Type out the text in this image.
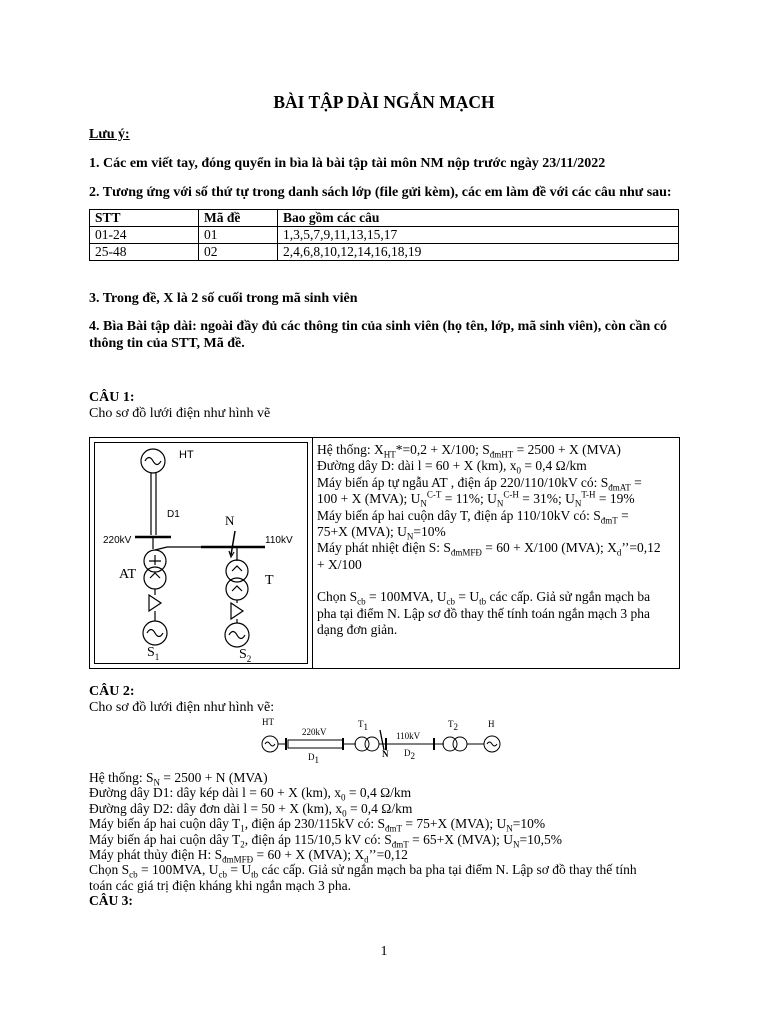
BÀI TẬP DÀI NGẮN MẠCH
Lưu ý:
1. Các em viết tay, đóng quyển in bìa là bài tập tài môn NM nộp trước ngày 23/11/2022
2. Tương ứng với số thứ tự trong danh sách lớp (file gửi kèm), các em làm đề với các câu như sau:
STT	Mã đề	Bao gồm các câu
01-24	01	1,3,5,7,9,11,13,15,17
25-48	02	2,4,6,8,10,12,14,16,18,19
3. Trong đề, X là 2 số cuối trong mã sinh viên
4. Bìa Bài tập dài: ngoài đầy đủ các thông tin của sinh viên (họ tên, lớp, mã sinh viên), còn cần có
thông tin của STT, Mã đề.
CÂU 1:
Cho sơ đồ lưới điện như hình vẽ
HT
D1	N
220kV	110kV
AT	T
$S_1$	$S_2$
Hệ thống: $X_{HT}*=0,2 + X/100$; $S_{đmHT} = 2500 + X$ (MVA)
Đường dây D: dài l = 60 + X (km), $x_0 = 0,4$ Ω/km
Máy biến áp tự ngẫu AT , điện áp 220/110/10kV có: $S_{đmAT}$ =
100 + X (MVA); $U_N^{C-T} = 11\%$; $U_N^{C-H} = 31\%$; $U_N^{T-H} = 19\%$
Máy biến áp hai cuộn dây T, điện áp 110/10kV có: $S_{đmT}$ =
75+X (MVA); $U_N=10\%$
Máy phát nhiệt điện S: $S_{đmMFĐ} = 60 + X/100$ (MVA); $X_d’’=0,12$
+ X/100
Chọn $S_{cb} = 100MVA$, $U_{cb} = U_{tb}$ các cấp. Giả sử ngắn mạch ba
pha tại điểm N. Lập sơ đồ thay thế tính toán ngắn mạch 3 pha
dạng đơn giản.
CÂU 2:
Cho sơ đồ lưới điện như hình vẽ:
HT
220kV
$D_1$
$T_1$
N
110kV
$D_2$
$T_2$	H
Hệ thống: $S_N = 2500 + N$ (MVA)
Đường dây D1: dây kép dài l = 60 + X (km), $x_0 = 0,4$ Ω/km
Đường dây D2: dây đơn dài l = 50 + X (km), $x_0 = 0,4$ Ω/km
Máy biến áp hai cuộn dây $T_1$, điện áp 230/115kV có: $S_{đmT} = 75+X$ (MVA); $U_N=10\%$
Máy biến áp hai cuộn dây $T_2$, điện áp 115/10,5 kV có: $S_{đmT} = 65+X$ (MVA); $U_N=10,5\%$
Máy phát thủy điện H: $S_{đmMFĐ} = 60 + X$ (MVA); $X_d’’=0,12$
Chọn $S_{cb} = 100MVA$, $U_{cb} = U_{tb}$ các cấp. Giả sử ngắn mạch ba pha tại điểm N. Lập sơ đồ thay thế tính
toán các giá trị điện kháng khi ngắn mạch 3 pha.
CÂU 3:
1
